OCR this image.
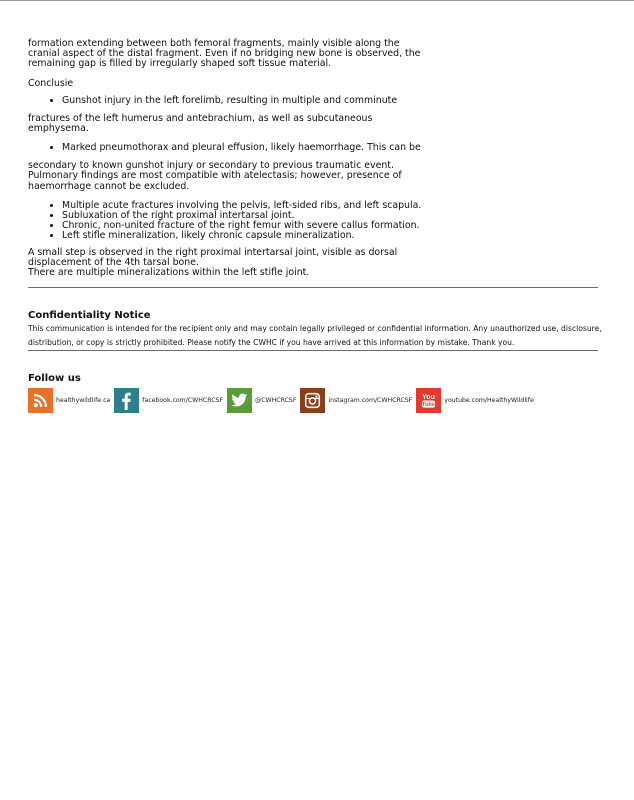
formation extending between both femoral fragments, mainly visible along the cranial aspect of the distal fragment. Even if no bridging new bone is observed, the remaining gap is filled by irregularly shaped soft tissue material.

Conclusie

• Gunshot injury in the left forelimb, resulting in multiple and comminute

fractures of the left humerus and antebrachium, as well as subcutaneous emphysema.

• Marked pneumothorax and pleural effusion, likely haemorrhage. This can be

secondary to known gunshot injury or secondary to previous traumatic event. Pulmonary findings are most compatible with atelectasis; however, presence of haemorrhage cannot be excluded.

• Multiple acute fractures involving the pelvis, left-sided ribs, and left scapula.
• Subluxation of the right proximal intertarsal joint.
• Chronic, non-united fracture of the right femur with severe callus formation.
• Left stifle mineralization, likely chronic capsule mineralization.

A small step is observed in the right proximal intertarsal joint, visible as dorsal displacement of the 4th tarsal bone.

There are multiple mineralizations within the left stifle joint.

Confidentiality Notice

This communication is intended for the recipient only and may contain legally privileged or confidential information. Any unauthorized use, disclosure, distribution, or copy is strictly prohibited. Please notify the CWHC if you have arrived at this information by mistake. Thank you.

Follow us

healthywildlife.ca	facebook.com/CWHCRCSF	@CWHCRCSF	instagram.com/CWHCRCSF You
Tube
youtube.com/HealthyWildlife
